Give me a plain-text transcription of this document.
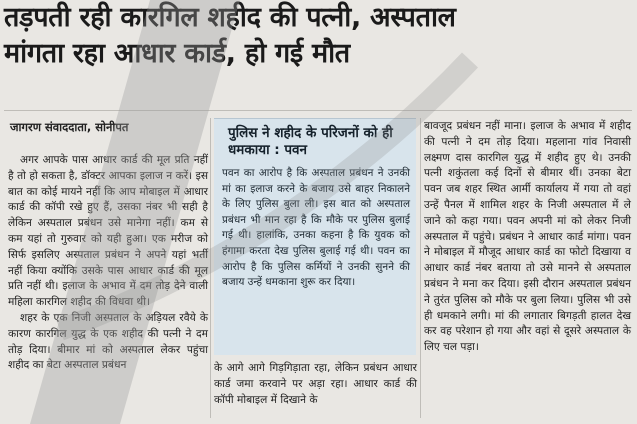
तड़पती रही कारगिल शहीद की पत्नी, अस्पताल
मांगता रहा आधार कार्ड, हो गई मौत
जागरण संवाददाता, सोनीपत

अगर आपके पास आधार कार्ड की मूल प्रति नहीं है तो हो सकता है, डॉक्टर आपका इलाज न करें। इस बात का कोई मायने नहीं कि आप मोबाइल में आधार कार्ड की कॉपी रखे हुए हैं, उसका नंबर भी सही है लेकिन अस्पताल प्रबंधन उसे मानेगा नहीं। कम से कम यहां तो गुरुवार को यही हुआ। एक मरीज को सिर्फ इसलिए अस्पताल प्रबंधन ने अपने यहां भर्ती नहीं किया क्योंकि उसके पास आधार कार्ड की मूल प्रति नहीं थी। इलाज के अभाव में दम तोड़ देने वाली महिला कारगिल शहीद की विधवा थी।

शहर के एक निजी अस्पताल के अड़ियल रवैये के कारण कारगिल युद्ध के एक शहीद की पत्नी ने दम तोड़ दिया। बीमार मां को अस्पताल लेकर पहुंचा शहीद का बेटा अस्पताल प्रबंधन

पुलिस ने शहीद के परिजनों को ही धमकाया : पवन
पवन का आरोप है कि अस्पताल प्रबंधन ने उनकी मां का इलाज करने के बजाय उसे बाहर निकालने के लिए पुलिस बुला ली। इस बात को अस्पताल प्रबंधन भी मान रहा है कि मौके पर पुलिस बुलाई गई थी। हालांकि, उनका कहना है कि युवक को हंगामा करता देख पुलिस बुलाई गई थी। पवन का आरोप है कि पुलिस कर्मियों ने उनकी सुनने की बजाय उन्हें धमकाना शुरू कर दिया।

के आगे आगे गिड़गिड़ाता रहा, लेकिन प्रबंधन आधार कार्ड जमा करवाने पर अड़ा रहा। आधार कार्ड की कॉपी मोबाइल में दिखाने के

बावजूद प्रबंधन नहीं माना। इलाज के अभाव में शहीद की पत्नी ने दम तोड़ दिया। महलाना गांव निवासी लक्ष्मण दास कारगिल युद्ध में शहीद हुए थे। उनकी पत्नी शकुंतला कई दिनों से बीमार थीं। उनका बेटा पवन जब शहर स्थित आर्मी कार्यालय में गया तो वहां उन्हें पैनल में शामिल शहर के निजी अस्पताल में ले जाने को कहा गया। पवन अपनी मां को लेकर निजी अस्पताल में पहुंचे। प्रबंधन ने आधार कार्ड मांगा। पवन ने मोबाइल में मौजूद आधार कार्ड का फोटो दिखाया व आधार कार्ड नंबर बताया तो उसे मानने से अस्पताल प्रबंधन ने मना कर दिया। इसी दौरान अस्पताल प्रबंधन ने तुरंत पुलिस को मौके पर बुला लिया। पुलिस भी उसे ही धमकाने लगी। मां की लगातार बिगड़ती हालत देख कर वह परेशान हो गया और वहां से दूसरे अस्पताल के लिए चल पड़ा।
